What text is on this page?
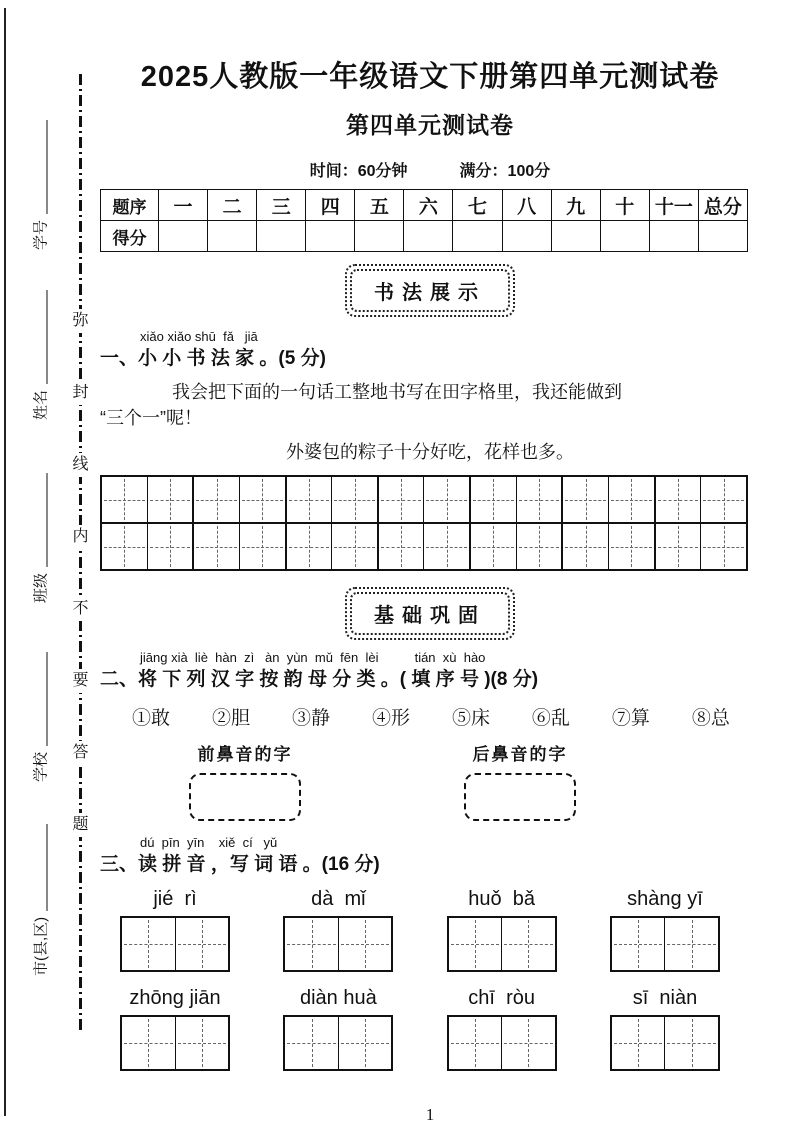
学号
姓名
班级
学校
市(县,区)
弥
封
线
内
不
要
答
题
2025人教版一年级语文下册第四单元测试卷
第四单元测试卷
时间：60分钟	满分：100分
题序	一	二	三	四	五	六	七	八	九	十	十一	总分
得分												
书法展示
xiǎo xiǎo shū  fǎ   jiā
一、小 小 书 法 家 。(5 分)
我会把下面的一句话工整地书写在田字格里，我还能做到
“三个一”呢！
外婆包的粽子十分好吃，花样也多。
基础巩固
jiāng xià  liè  hàn  zì   àn  yùn  mǔ  fēn  lèi          tián  xù  hào
二、将 下 列 汉 字 按 韵 母 分 类 。( 填 序 号 )(8 分)
①敢 ②胆 ③静 ④形 ⑤床 ⑥乱 ⑦算 ⑧总
前鼻音的字	后鼻音的字
dú  pīn  yīn    xiě  cí   yǔ
三、读 拼 音 ，写 词 语 。(16 分)
jié  rì	dà  mǐ	huǒ  bǎ	shàng yī
zhōng jiān	diàn huà	chī  ròu	sī  niàn
1
